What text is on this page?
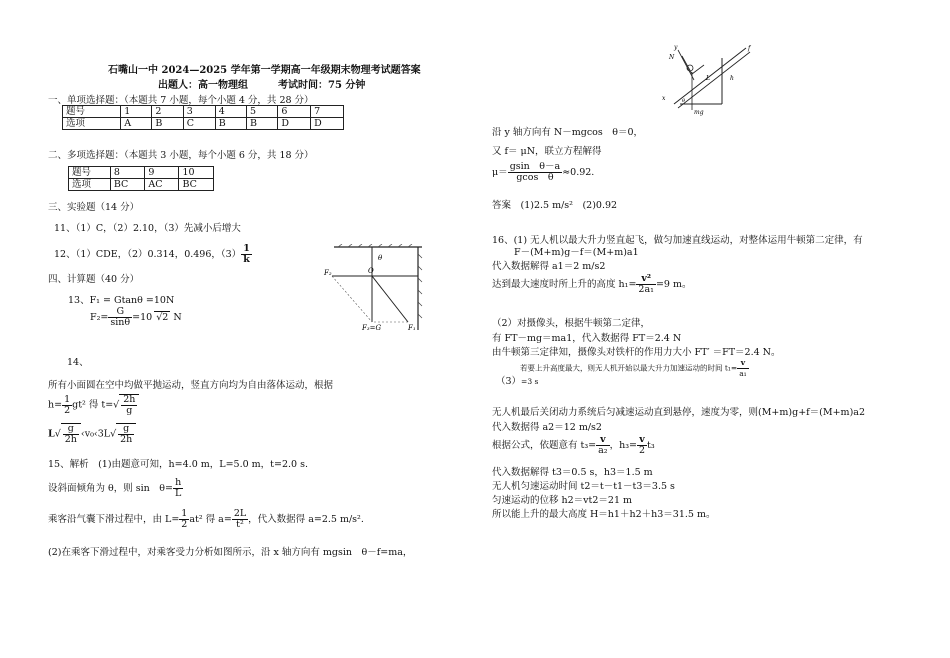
石嘴山一中 2024—2025 学年第一学期高一年级期末物理考试题答案
出题人：高一物理组　　　考试时间：75 分钟
一、单项选择题：（本题共 7 小题，每个小题 4 分，共 28 分）
题号	1	2	3	4	5	6	7
选项	A	B	C	B	B	D	D
二、多项选择题：（本题共 3 小题，每个小题 6 分，共 18 分）
题号	8	9	10
选项	BC	AC	BC
三、实验题（14 分）
11、（1）C，（2）2.10，（3）先减小后增大
12、（1）CDE，（2）0.314，0.496，$(3) \frac{1}{k}$
四、计算题（40 分）
13、F₁ = Gtanθ =10N
$F_2= \frac{G}{\sin\theta} =10$ √2 N
14、
所有小面圆在空中均做平抛运动，竖直方向均为自由落体运动，根据
$h= \frac{1}{2} gt^2$ 得 $t=√ \frac{2h}{g}$
$L√ \frac{g}{2h}$ ‹v₀‹3L√ $\frac{g}{2h}$
15、解析　(1)由题意可知，h=4.0 m，L=5.0 m，t=2.0 s.
设斜面倾角为 θ，则 sin　$\theta= \frac{h}{L}$
乘客沿气囊下滑过程中，由 $L= \frac{1}{2} at^2$ 得 $a= \frac{2L}{\text{t²}}$ ，代入数据得 a=2.5 m/s².
(2)在乘客下滑过程中，对乘客受力分析如图所示，沿 x 轴方向有 mgsin　θ－f=ma，
F₂	O
θ
F₁
F₃=G
y
N
f
L	h
x	θ
mg
沿 y 轴方向有 N－mgcos　θ＝0，
又 f＝ μN，联立方程解得
$\mu= \frac{\text{gsin　θ－a}}{\text{gcos　θ}} \approx 0.92$.
答案　(1)2.5 m/s²　(2)0.92
16、(1) 无人机以最大升力竖直起飞，做匀加速直线运动，对整体运用牛顿第二定律，有
F－(M+m)g－f＝(M+m)a1
代入数据解得 a1＝2 m/s2
达到最大速度时所上升的高度 $h_1= \frac{\text{v²}}{\text{2a₁}} =9$ m。
（2）对摄像头，根据牛顿第二定律，
有 FT－mg＝ma1，代入数据得 FT＝2.4 N
由牛顿第三定律知，摄像头对铁杆的作用力大小 FT′ ＝FT＝2.4 N。
若要上升高度最大，则无人机开始以最大升力加速运动的时间 $t_1= \frac{v}{\text{a₁}}$
（3）=3 s
无人机最后关闭动力系统后匀减速运动直到悬停，速度为零，则(M+m)g+f＝(M+m)a2
代入数据得 a2＝12 m/s2
根据公式，依题意有 $t_3= \frac{v}{\text{a₂}}$ ，$h_3= \frac{v}{2} t_3$
代入数据解得 t3＝0.5 s，h3＝1.5 m
无人机匀速运动时间 t2＝t－t1－t3＝3.5 s
匀速运动的位移 h2＝vt2＝21 m
所以能上升的最大高度 H＝h1＋h2＋h3＝31.5 m。
